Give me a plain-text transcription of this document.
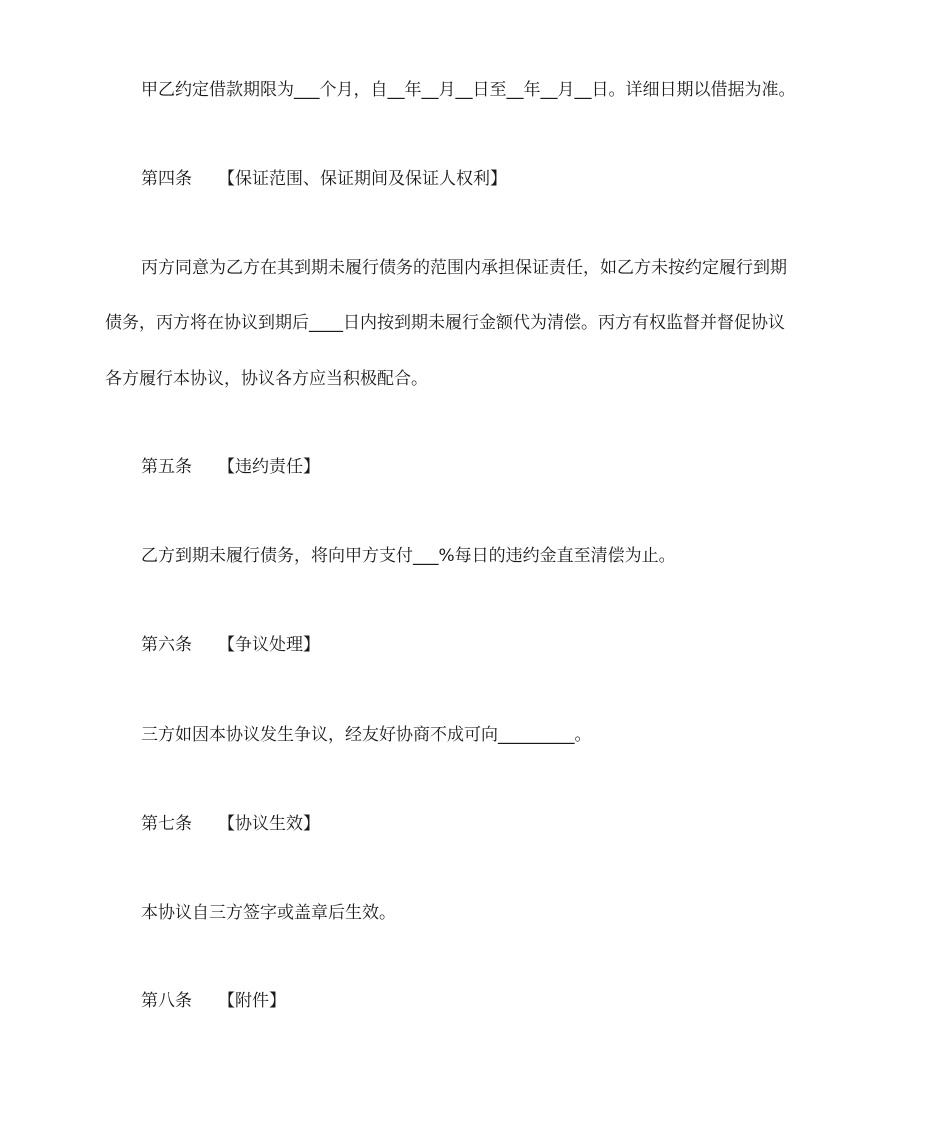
甲乙约定借款期限为___个月，自__年__月__日至__年__月__日。详细日期以借据为准。
第四条 【保证范围、保证期间及保证人权利】
丙方同意为乙方在其到期未履行债务的范围内承担保证责任，如乙方未按约定履行到期
债务，丙方将在协议到期后____日内按到期未履行金额代为清偿。丙方有权监督并督促协议
各方履行本协议，协议各方应当积极配合。
第五条 【违约责任】
乙方到期未履行债务，将向甲方支付___%每日的违约金直至清偿为止。
第六条 【争议处理】
三方如因本协议发生争议，经友好协商不成可向_________。
第七条 【协议生效】
本协议自三方签字或盖章后生效。
第八条 【附件】
